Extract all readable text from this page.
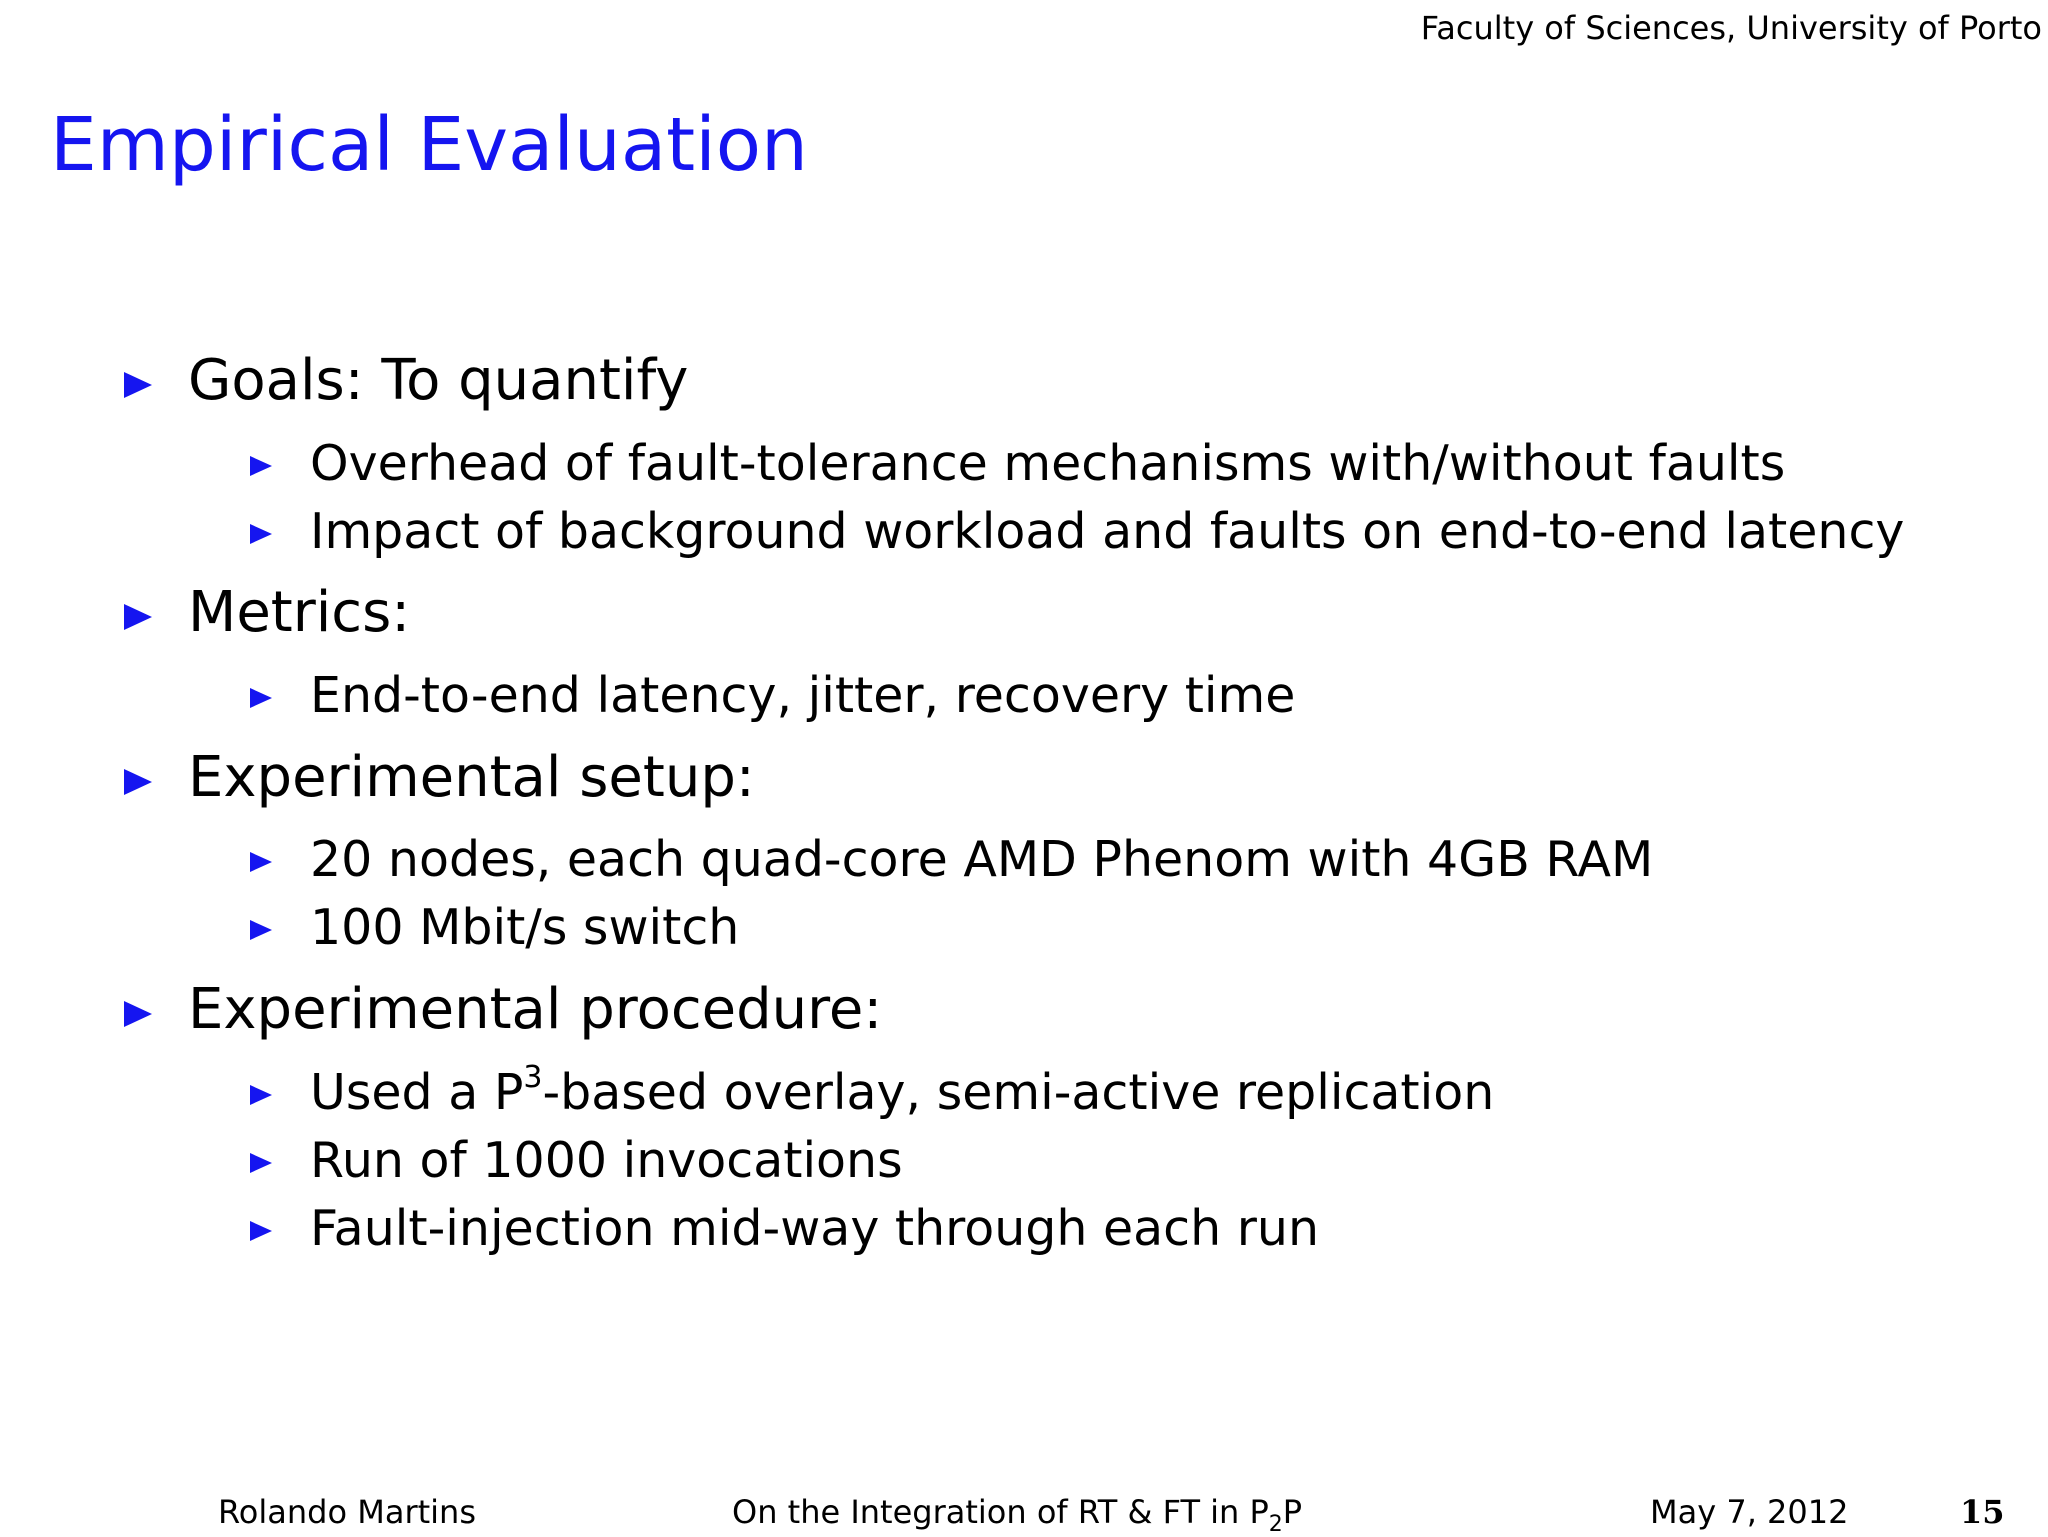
Faculty of Sciences, University of Porto
Empirical Evaluation
Goals: To quantify
Overhead of fault-tolerance mechanisms with/without faults
Impact of background workload and faults on end-to-end latency
Metrics:
End-to-end latency, jitter, recovery time
Experimental setup:
20 nodes, each quad-core AMD Phenom with 4GB RAM
100 Mbit/s switch
Experimental procedure:
Used a $P^3$-based overlay, semi-active replication
Run of 1000 invocations
Fault-injection mid-way through each run
Rolando Martins	On the Integration of RT & FT in $P_2P$	May 7, 2012	15
